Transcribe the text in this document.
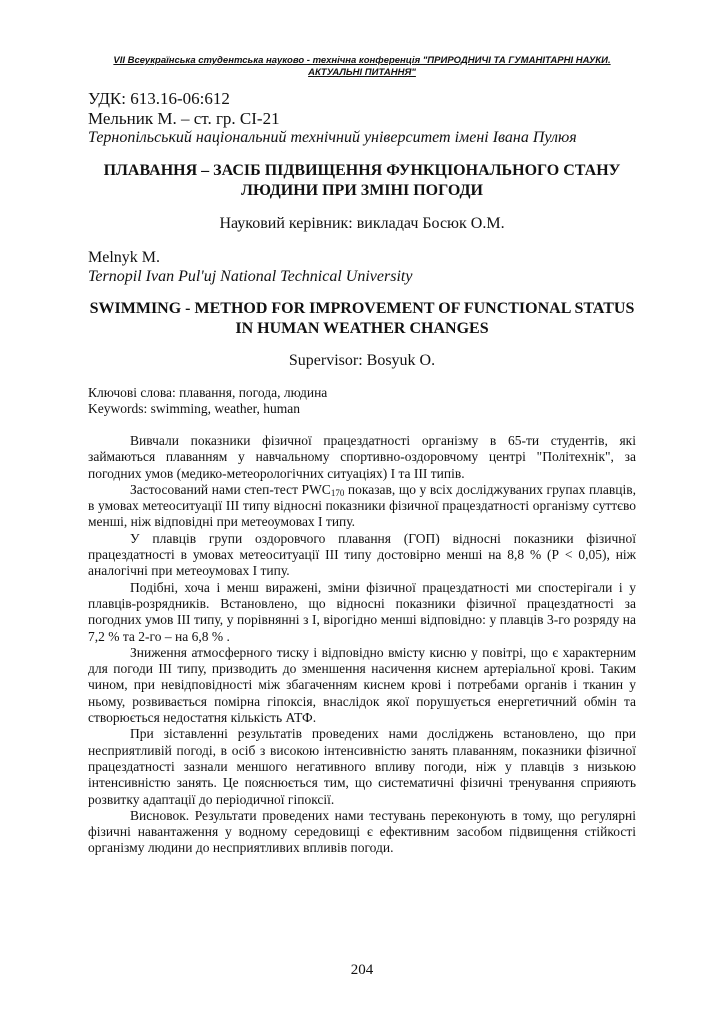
VII Всеукраїнська студентська науково - технічна конференція "ПРИРОДНИЧІ ТА ГУМАНІТАРНІ НАУКИ. АКТУАЛЬНІ ПИТАННЯ"
УДК: 613.16-06:612
Мельник М. – ст. гр. СІ-21
Тернопільський національний технічний університет імені Івана Пулюя
ПЛАВАННЯ – ЗАСІБ ПІДВИЩЕННЯ ФУНКЦІОНАЛЬНОГО СТАНУ ЛЮДИНИ ПРИ ЗМІНІ ПОГОДИ
Науковий керівник: викладач Босюк О.М.
Melnyk M.
Ternopil Ivan Pul'uj National Technical University
SWIMMING - METHOD FOR IMPROVEMENT OF FUNCTIONAL STATUS IN HUMAN WEATHER CHANGES
Supervisor: Bosyuk O.
Ключові слова: плавання, погода, людина
Keywords: swimming, weather, human

Вивчали показники фізичної працездатності організму в 65-ти студентів, які займаються плаванням у навчальному спортивно-оздоровчому центрі "Політехнік", за погодних умов (медико-метеорологічних ситуаціях) І та ІІІ типів.

Застосований нами степ-тест $PWC_{170}$ показав, що у всіх досліджуваних групах плавців, в умовах метеоситуації ІІІ типу відносні показники фізичної працездатності організму суттєво менші, ніж відповідні при метеоумовах І типу.

У плавців групи оздоровчого плавання (ГОП) відносні показники фізичної працездатності в умовах метеоситуації ІІІ типу достовірно менші на 8,8 % (Р < 0,05), ніж аналогічні при метеоумовах І типу.

Подібні, хоча і менш виражені, зміни фізичної працездатності ми спостерігали і у плавців-розрядників. Встановлено, що відносні показники фізичної працездатності за погодних умов ІІІ типу, у порівнянні з І, вірогідно менші відповідно: у плавців 3-го розряду на 7,2 % та 2-го – на 6,8 % .

Зниження атмосферного тиску і відповідно вмісту кисню у повітрі, що є характерним для погоди ІІІ типу, призводить до зменшення насичення киснем артеріальної крові. Таким чином, при невідповідності між збагаченням киснем крові і потребами органів і тканин у ньому, розвивається помірна гіпоксія, внаслідок якої порушується енергетичний обмін та створюється недостатня кількість АТФ.

При зіставленні результатів проведених нами досліджень встановлено, що при несприятливій погоді, в осіб з високою інтенсивністю занять плаванням, показники фізичної працездатності зазнали меншого негативного впливу погоди, ніж у плавців з низькою інтенсивністю занять. Це пояснюється тим, що систематичні фізичні тренування сприяють розвитку адаптації до періодичної гіпоксії.

Висновок. Результати проведених нами тестувань переконують в тому, що регулярні фізичні навантаження у водному середовищі є ефективним засобом підвищення стійкості організму людини до несприятливих впливів погоди.

204
